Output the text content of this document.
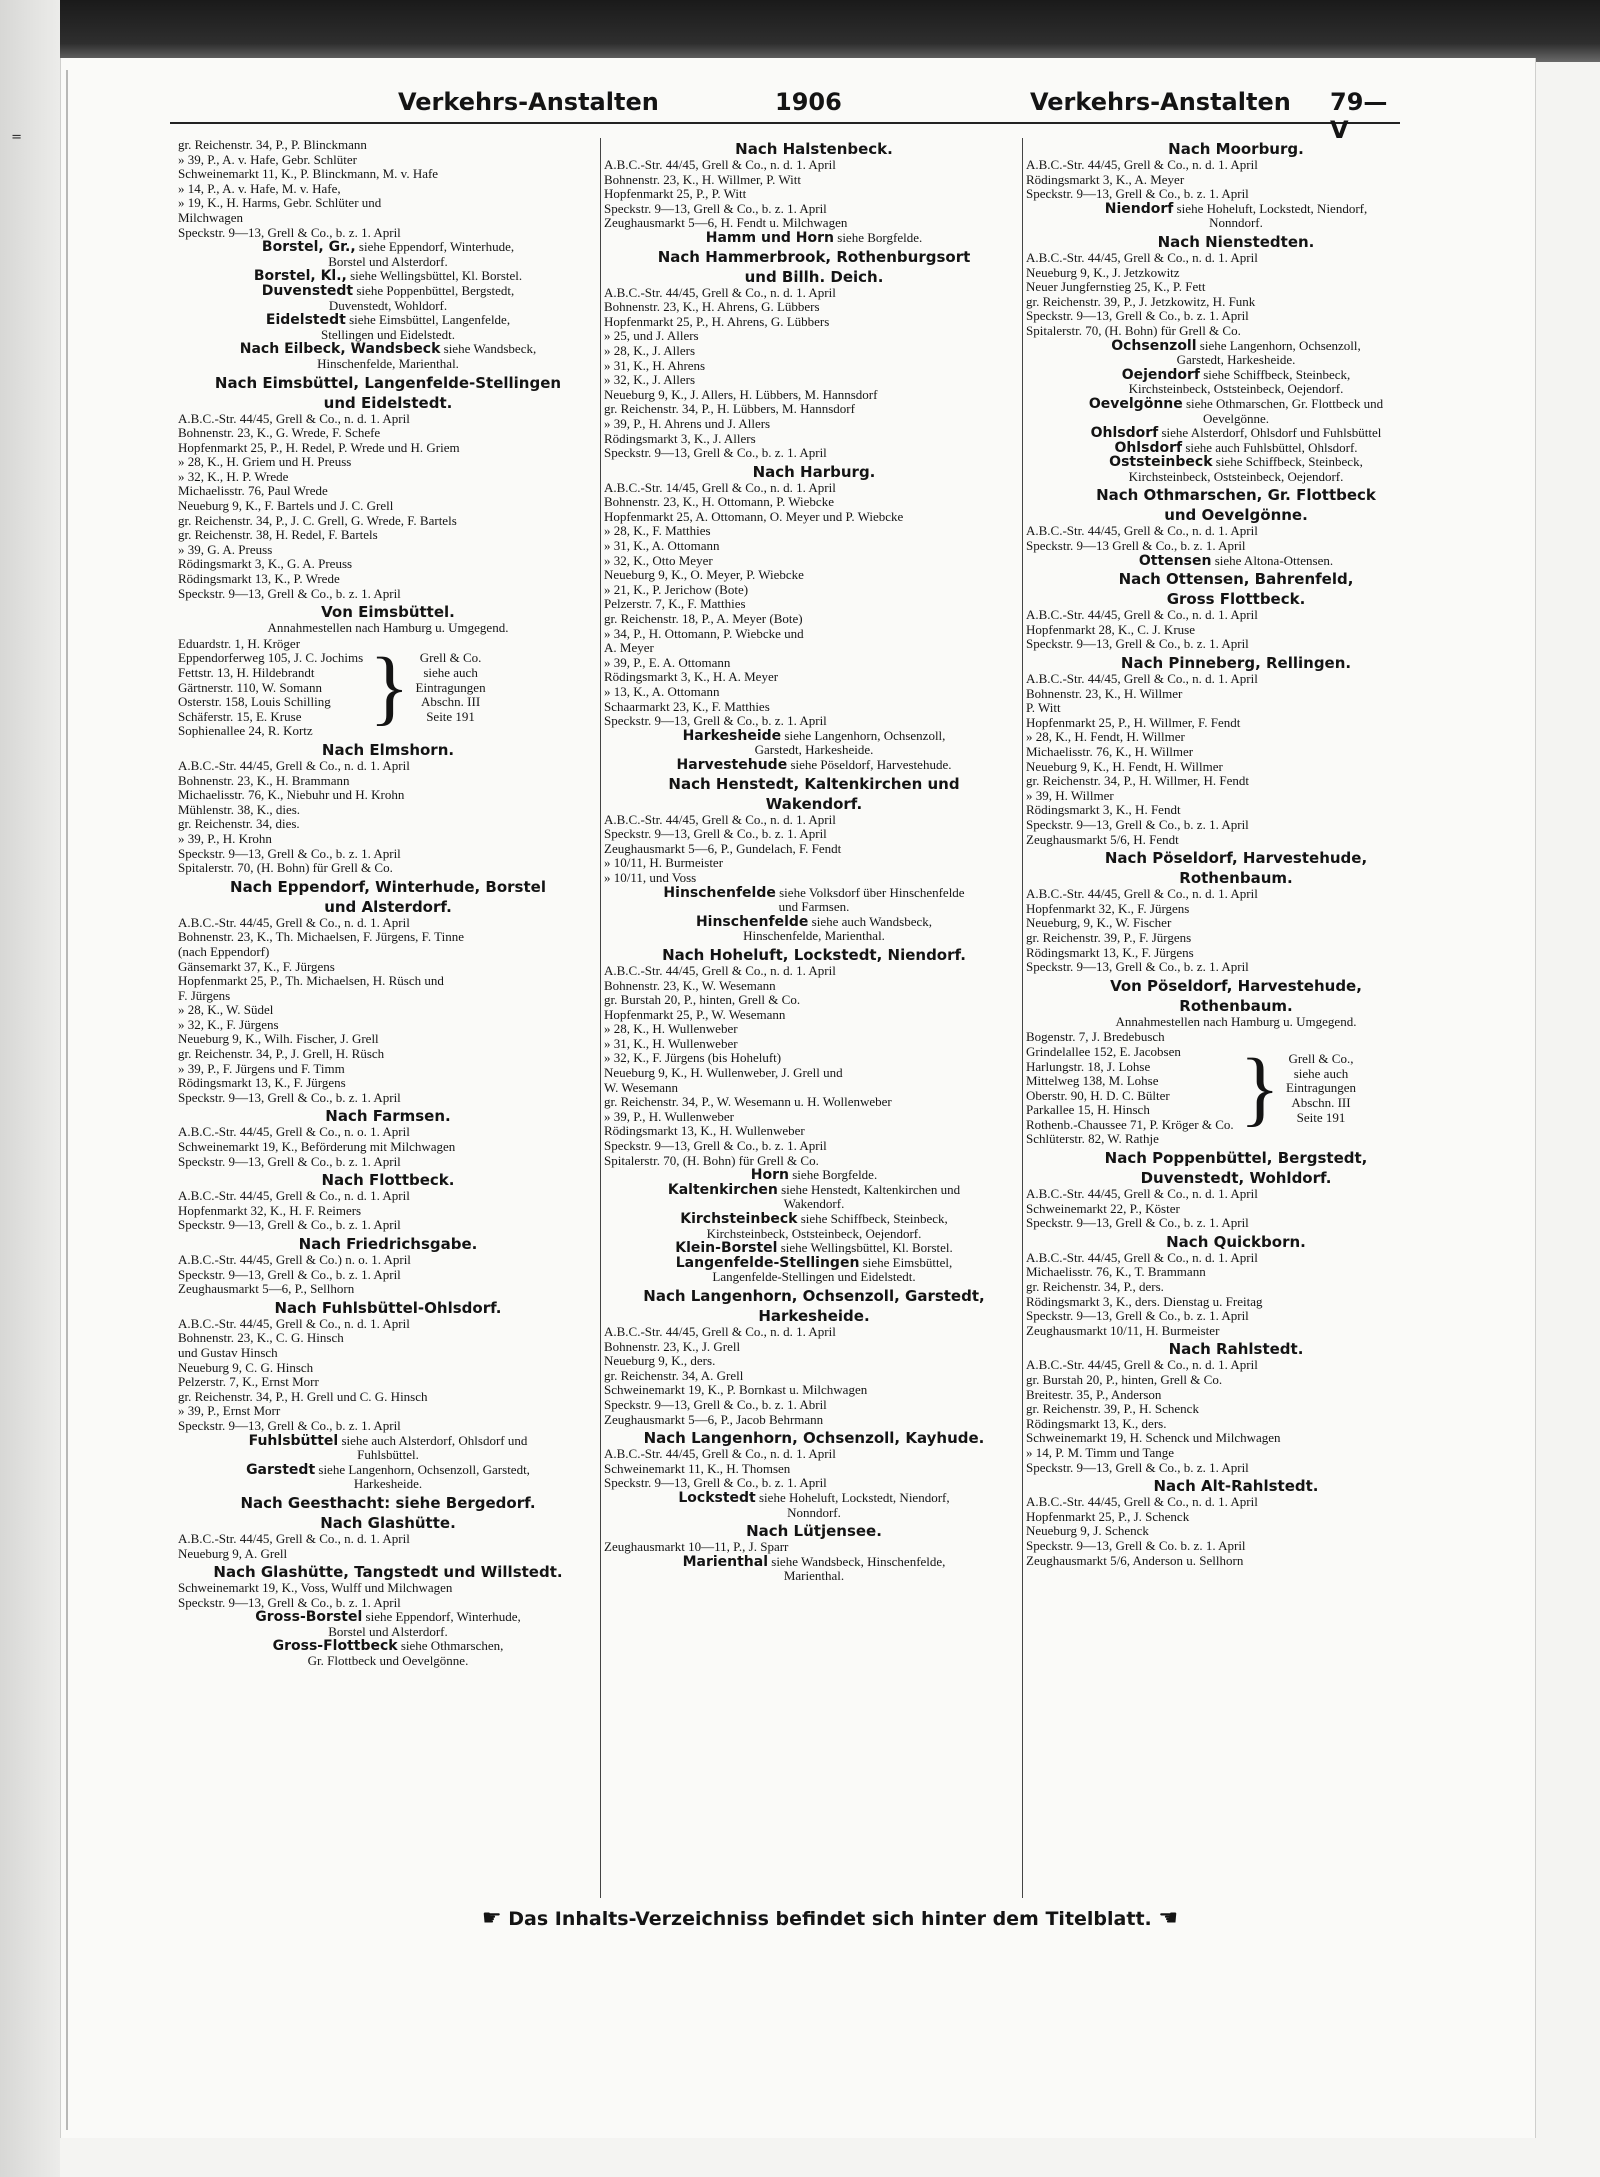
=

Verkehrs-Anstalten	1906	Verkehrs-Anstalten 79—V
gr. Reichenstr. 34, P., P. Blinckmann
» 39, P., A. v. Hafe, Gebr. Schlüter
Schweinemarkt 11, K., P. Blinckmann, M. v. Hafe
» 14, P., A. v. Hafe, M. v. Hafe,
» 19, K., H. Harms, Gebr. Schlüter und
Milchwagen
Speckstr. 9—13, Grell & Co., b. z. 1. April
Borstel, Gr., siehe Eppendorf, Winterhude,
Borstel und Alsterdorf.
Borstel, Kl., siehe Wellingsbüttel, Kl. Borstel.
Duvenstedt siehe Poppenbüttel, Bergstedt,
Duvenstedt, Wohldorf.
Eidelstedt siehe Eimsbüttel, Langenfelde,
Stellingen und Eidelstedt.
Nach Eilbeck, Wandsbeck siehe Wandsbeck,
Hinschenfelde, Marienthal.
Nach Eimsbüttel, Langenfelde-Stellingen
und Eidelstedt.
A.B.C.-Str. 44/45, Grell & Co., n. d. 1. April
Bohnenstr. 23, K., G. Wrede, F. Schefe
Hopfenmarkt 25, P., H. Redel, P. Wrede und H. Griem
» 28, K., H. Griem und H. Preuss
» 32, K., H. P. Wrede
Michaelisstr. 76, Paul Wrede
Neueburg 9, K., F. Bartels und J. C. Grell
gr. Reichenstr. 34, P., J. C. Grell, G. Wrede, F. Bartels
gr. Reichenstr. 38, H. Redel, F. Bartels
» 39, G. A. Preuss
Rödingsmarkt 3, K., G. A. Preuss
Rödingsmarkt 13, K., P. Wrede
Speckstr. 9—13, Grell & Co., b. z. 1. April
Von Eimsbüttel.
Annahmestellen nach Hamburg u. Umgegend.
Eduardstr. 1, H. Kröger
Eppendorferweg 105, J. C. Jochims
Fettstr. 13, H. Hildebrandt
Gärtnerstr. 110, W. Somann
Osterstr. 158, Louis Schilling
Schäferstr. 15, E. Kruse
Sophienallee 24, R. Kortz } Grell & Co.
siehe auch
Eintragungen
Abschn. III
Seite 191
Nach Elmshorn.
A.B.C.-Str. 44/45, Grell & Co., n. d. 1. April
Bohnenstr. 23, K., H. Brammann
Michaelisstr. 76, K., Niebuhr und H. Krohn
Mühlenstr. 38, K., dies.
gr. Reichenstr. 34, dies.
» 39, P., H. Krohn
Speckstr. 9—13, Grell & Co., b. z. 1. April
Spitalerstr. 70, (H. Bohn) für Grell & Co.
Nach Eppendorf, Winterhude, Borstel
und Alsterdorf.
A.B.C.-Str. 44/45, Grell & Co., n. d. 1. April
Bohnenstr. 23, K., Th. Michaelsen, F. Jürgens, F. Tinne
(nach Eppendorf)
Gänsemarkt 37, K., F. Jürgens
Hopfenmarkt 25, P., Th. Michaelsen, H. Rüsch und
F. Jürgens
» 28, K., W. Südel
» 32, K., F. Jürgens
Neueburg 9, K., Wilh. Fischer, J. Grell
gr. Reichenstr. 34, P., J. Grell, H. Rüsch
» 39, P., F. Jürgens und F. Timm
Rödingsmarkt 13, K., F. Jürgens
Speckstr. 9—13, Grell & Co., b. z. 1. April
Nach Farmsen.
A.B.C.-Str. 44/45, Grell & Co., n. o. 1. April
Schweinemarkt 19, K., Beförderung mit Milchwagen
Speckstr. 9—13, Grell & Co., b. z. 1. April
Nach Flottbeck.
A.B.C.-Str. 44/45, Grell & Co., n. d. 1. April
Hopfenmarkt 32, K., H. F. Reimers
Speckstr. 9—13, Grell & Co., b. z. 1. April
Nach Friedrichsgabe.
A.B.C.-Str. 44/45, Grell & Co.) n. o. 1. April
Speckstr. 9—13, Grell & Co., b. z. 1. April
Zeughausmarkt 5—6, P., Sellhorn
Nach Fuhlsbüttel-Ohlsdorf.
A.B.C.-Str. 44/45, Grell & Co., n. d. 1. April
Bohnenstr. 23, K., C. G. Hinsch
und Gustav Hinsch
Neueburg 9, C. G. Hinsch
Pelzerstr. 7, K., Ernst Morr
gr. Reichenstr. 34, P., H. Grell und C. G. Hinsch
» 39, P., Ernst Morr
Speckstr. 9—13, Grell & Co., b. z. 1. April
Fuhlsbüttel siehe auch Alsterdorf, Ohlsdorf und
Fuhlsbüttel.
Garstedt siehe Langenhorn, Ochsenzoll, Garstedt,
Harkesheide.
Nach Geesthacht: siehe Bergedorf.
Nach Glashütte.
A.B.C.-Str. 44/45, Grell & Co., n. d. 1. April
Neueburg 9, A. Grell
Nach Glashütte, Tangstedt und Willstedt.
Schweinemarkt 19, K., Voss, Wulff und Milchwagen
Speckstr. 9—13, Grell & Co., b. z. 1. April
Gross-Borstel siehe Eppendorf, Winterhude,
Borstel und Alsterdorf.
Gross-Flottbeck siehe Othmarschen,
Gr. Flottbeck und Oevelgönne.
Nach Halstenbeck.
A.B.C.-Str. 44/45, Grell & Co., n. d. 1. April
Bohnenstr. 23, K., H. Willmer, P. Witt
Hopfenmarkt 25, P., P. Witt
Speckstr. 9—13, Grell & Co., b. z. 1. April
Zeughausmarkt 5—6, H. Fendt u. Milchwagen
Hamm und Horn siehe Borgfelde.
Nach Hammerbrook, Rothenburgsort
und Billh. Deich.
A.B.C.-Str. 44/45, Grell & Co., n. d. 1. April
Bohnenstr. 23, K., H. Ahrens, G. Lübbers
Hopfenmarkt 25, P., H. Ahrens, G. Lübbers
» 25, und J. Allers
» 28, K., J. Allers
» 31, K., H. Ahrens
» 32, K., J. Allers
Neueburg 9, K., J. Allers, H. Lübbers, M. Hannsdorf
gr. Reichenstr. 34, P., H. Lübbers, M. Hannsdorf
» 39, P., H. Ahrens und J. Allers
Rödingsmarkt 3, K., J. Allers
Speckstr. 9—13, Grell & Co., b. z. 1. April
Nach Harburg.
A.B.C.-Str. 14/45, Grell & Co., n. d. 1. April
Bohnenstr. 23, K., H. Ottomann, P. Wiebcke
Hopfenmarkt 25, A. Ottomann, O. Meyer und P. Wiebcke
» 28, K., F. Matthies
» 31, K., A. Ottomann
» 32, K., Otto Meyer
Neueburg 9, K., O. Meyer, P. Wiebcke
» 21, K., P. Jerichow (Bote)
Pelzerstr. 7, K., F. Matthies
gr. Reichenstr. 18, P., A. Meyer (Bote)
» 34, P., H. Ottomann, P. Wiebcke und
A. Meyer
» 39, P., E. A. Ottomann
Rödingsmarkt 3, K., H. A. Meyer
» 13, K., A. Ottomann
Schaarmarkt 23, K., F. Matthies
Speckstr. 9—13, Grell & Co., b. z. 1. April
Harkesheide siehe Langenhorn, Ochsenzoll,
Garstedt, Harkesheide.
Harvestehude siehe Pöseldorf, Harvestehude.
Nach Henstedt, Kaltenkirchen und
Wakendorf.
A.B.C.-Str. 44/45, Grell & Co., n. d. 1. April
Speckstr. 9—13, Grell & Co., b. z. 1. April
Zeughausmarkt 5—6, P., Gundelach, F. Fendt
» 10/11, H. Burmeister
» 10/11, und Voss
Hinschenfelde siehe Volksdorf über Hinschenfelde
und Farmsen.
Hinschenfelde siehe auch Wandsbeck,
Hinschenfelde, Marienthal.
Nach Hoheluft, Lockstedt, Niendorf.
A.B.C.-Str. 44/45, Grell & Co., n. d. 1. April
Bohnenstr. 23, K., W. Wesemann
gr. Burstah 20, P., hinten, Grell & Co.
Hopfenmarkt 25, P., W. Wesemann
» 28, K., H. Wullenweber
» 31, K., H. Wullenweber
» 32, K., F. Jürgens (bis Hoheluft)
Neueburg 9, K., H. Wullenweber, J. Grell und
W. Wesemann
gr. Reichenstr. 34, P., W. Wesemann u. H. Wollenweber
» 39, P., H. Wullenweber
Rödingsmarkt 13, K., H. Wullenweber
Speckstr. 9—13, Grell & Co., b. z. 1. April
Spitalerstr. 70, (H. Bohn) für Grell & Co.
Horn siehe Borgfelde.
Kaltenkirchen siehe Henstedt, Kaltenkirchen und
Wakendorf.
Kirchsteinbeck siehe Schiffbeck, Steinbeck,
Kirchsteinbeck, Oststeinbeck, Oejendorf.
Klein-Borstel siehe Wellingsbüttel, Kl. Borstel.
Langenfelde-Stellingen siehe Eimsbüttel,
Langenfelde-Stellingen und Eidelstedt.
Nach Langenhorn, Ochsenzoll, Garstedt,
Harkesheide.
A.B.C.-Str. 44/45, Grell & Co., n. d. 1. April
Bohnenstr. 23, K., J. Grell
Neueburg 9, K., ders.
gr. Reichenstr. 34, A. Grell
Schweinemarkt 19, K., P. Bornkast u. Milchwagen
Speckstr. 9—13, Grell & Co., b. z. 1. Abril
Zeughausmarkt 5—6, P., Jacob Behrmann
Nach Langenhorn, Ochsenzoll, Kayhude.
A.B.C.-Str. 44/45, Grell & Co., n. d. 1. April
Schweinemarkt 11, K., H. Thomsen
Speckstr. 9—13, Grell & Co., b. z. 1. April
Lockstedt siehe Hoheluft, Lockstedt, Niendorf,
Nonndorf.
Nach Lütjensee.
Zeughausmarkt 10—11, P., J. Sparr
Marienthal siehe Wandsbeck, Hinschenfelde,
Marienthal.
Nach Moorburg.
A.B.C.-Str. 44/45, Grell & Co., n. d. 1. April
Rödingsmarkt 3, K., A. Meyer
Speckstr. 9—13, Grell & Co., b. z. 1. April
Niendorf siehe Hoheluft, Lockstedt, Niendorf,
Nonndorf.
Nach Nienstedten.
A.B.C.-Str. 44/45, Grell & Co., n. d. 1. April
Neueburg 9, K., J. Jetzkowitz
Neuer Jungfernstieg 25, K., P. Fett
gr. Reichenstr. 39, P., J. Jetzkowitz, H. Funk
Speckstr. 9—13, Grell & Co., b. z. 1. April
Spitalerstr. 70, (H. Bohn) für Grell & Co.
Ochsenzoll siehe Langenhorn, Ochsenzoll,
Garstedt, Harkesheide.
Oejendorf siehe Schiffbeck, Steinbeck,
Kirchsteinbeck, Oststeinbeck, Oejendorf.
Oevelgönne siehe Othmarschen, Gr. Flottbeck und
Oevelgönne.
Ohlsdorf siehe Alsterdorf, Ohlsdorf und Fuhlsbüttel
Ohlsdorf siehe auch Fuhlsbüttel, Ohlsdorf.
Oststeinbeck siehe Schiffbeck, Steinbeck,
Kirchsteinbeck, Oststeinbeck, Oejendorf.
Nach Othmarschen, Gr. Flottbeck
und Oevelgönne.
A.B.C.-Str. 44/45, Grell & Co., n. d. 1. April
Speckstr. 9—13 Grell & Co., b. z. 1. April
Ottensen siehe Altona-Ottensen.
Nach Ottensen, Bahrenfeld,
Gross Flottbeck.
A.B.C.-Str. 44/45, Grell & Co., n. d. 1. April
Hopfenmarkt 28, K., C. J. Kruse
Speckstr. 9—13, Grell & Co., b. z. 1. April
Nach Pinneberg, Rellingen.
A.B.C.-Str. 44/45, Grell & Co., n. d. 1. April
Bohnenstr. 23, K., H. Willmer
P. Witt
Hopfenmarkt 25, P., H. Willmer, F. Fendt
» 28, K., H. Fendt, H. Willmer
Michaelisstr. 76, K., H. Willmer
Neueburg 9, K., H. Fendt, H. Willmer
gr. Reichenstr. 34, P., H. Willmer, H. Fendt
» 39, H. Willmer
Rödingsmarkt 3, K., H. Fendt
Speckstr. 9—13, Grell & Co., b. z. 1. April
Zeughausmarkt 5/6, H. Fendt
Nach Pöseldorf, Harvestehude,
Rothenbaum.
A.B.C.-Str. 44/45, Grell & Co., n. d. 1. April
Hopfenmarkt 32, K., F. Jürgens
Neueburg, 9, K., W. Fischer
gr. Reichenstr. 39, P., F. Jürgens
Rödingsmarkt 13, K., F. Jürgens
Speckstr. 9—13, Grell & Co., b. z. 1. April
Von Pöseldorf, Harvestehude,
Rothenbaum.
Annahmestellen nach Hamburg u. Umgegend.
Bogenstr. 7, J. Bredebusch
Grindelallee 152, E. Jacobsen
Harlungstr. 18, J. Lohse
Mittelweg 138, M. Lohse
Oberstr. 90, H. D. C. Bülter
Parkallee 15, H. Hinsch
Rothenb.-Chaussee 71, P. Kröger & Co.
Schlüterstr. 82, W. Rathje
} Grell & Co.,
siehe auch
Eintragungen
Abschn. III
Seite 191
Nach Poppenbüttel, Bergstedt,
Duvenstedt, Wohldorf.
A.B.C.-Str. 44/45, Grell & Co., n. d. 1. April
Schweinemarkt 22, P., Köster
Speckstr. 9—13, Grell & Co., b. z. 1. April
Nach Quickborn.
A.B.C.-Str. 44/45, Grell & Co., n. d. 1. April
Michaelisstr. 76, K., T. Brammann
gr. Reichenstr. 34, P., ders.
Rödingsmarkt 3, K., ders. Dienstag u. Freitag
Speckstr. 9—13, Grell & Co., b. z. 1. April
Zeughausmarkt 10/11, H. Burmeister
Nach Rahlstedt.
A.B.C.-Str. 44/45, Grell & Co., n. d. 1. April
gr. Burstah 20, P., hinten, Grell & Co.
Breitestr. 35, P., Anderson
gr. Reichenstr. 39, P., H. Schenck
Rödingsmarkt 13, K., ders.
Schweinemarkt 19, H. Schenck und Milchwagen
» 14, P. M. Timm und Tange
Speckstr. 9—13, Grell & Co., b. z. 1. April
Nach Alt-Rahlstedt.
A.B.C.-Str. 44/45, Grell & Co., n. d. 1. April
Hopfenmarkt 25, P., J. Schenck
Neueburg 9, J. Schenck
Speckstr. 9—13, Grell & Co. b. z. 1. April
Zeughausmarkt 5/6, Anderson u. Sellhorn
☛ Das Inhalts-Verzeichniss befindet sich hinter dem Titelblatt. ☚
